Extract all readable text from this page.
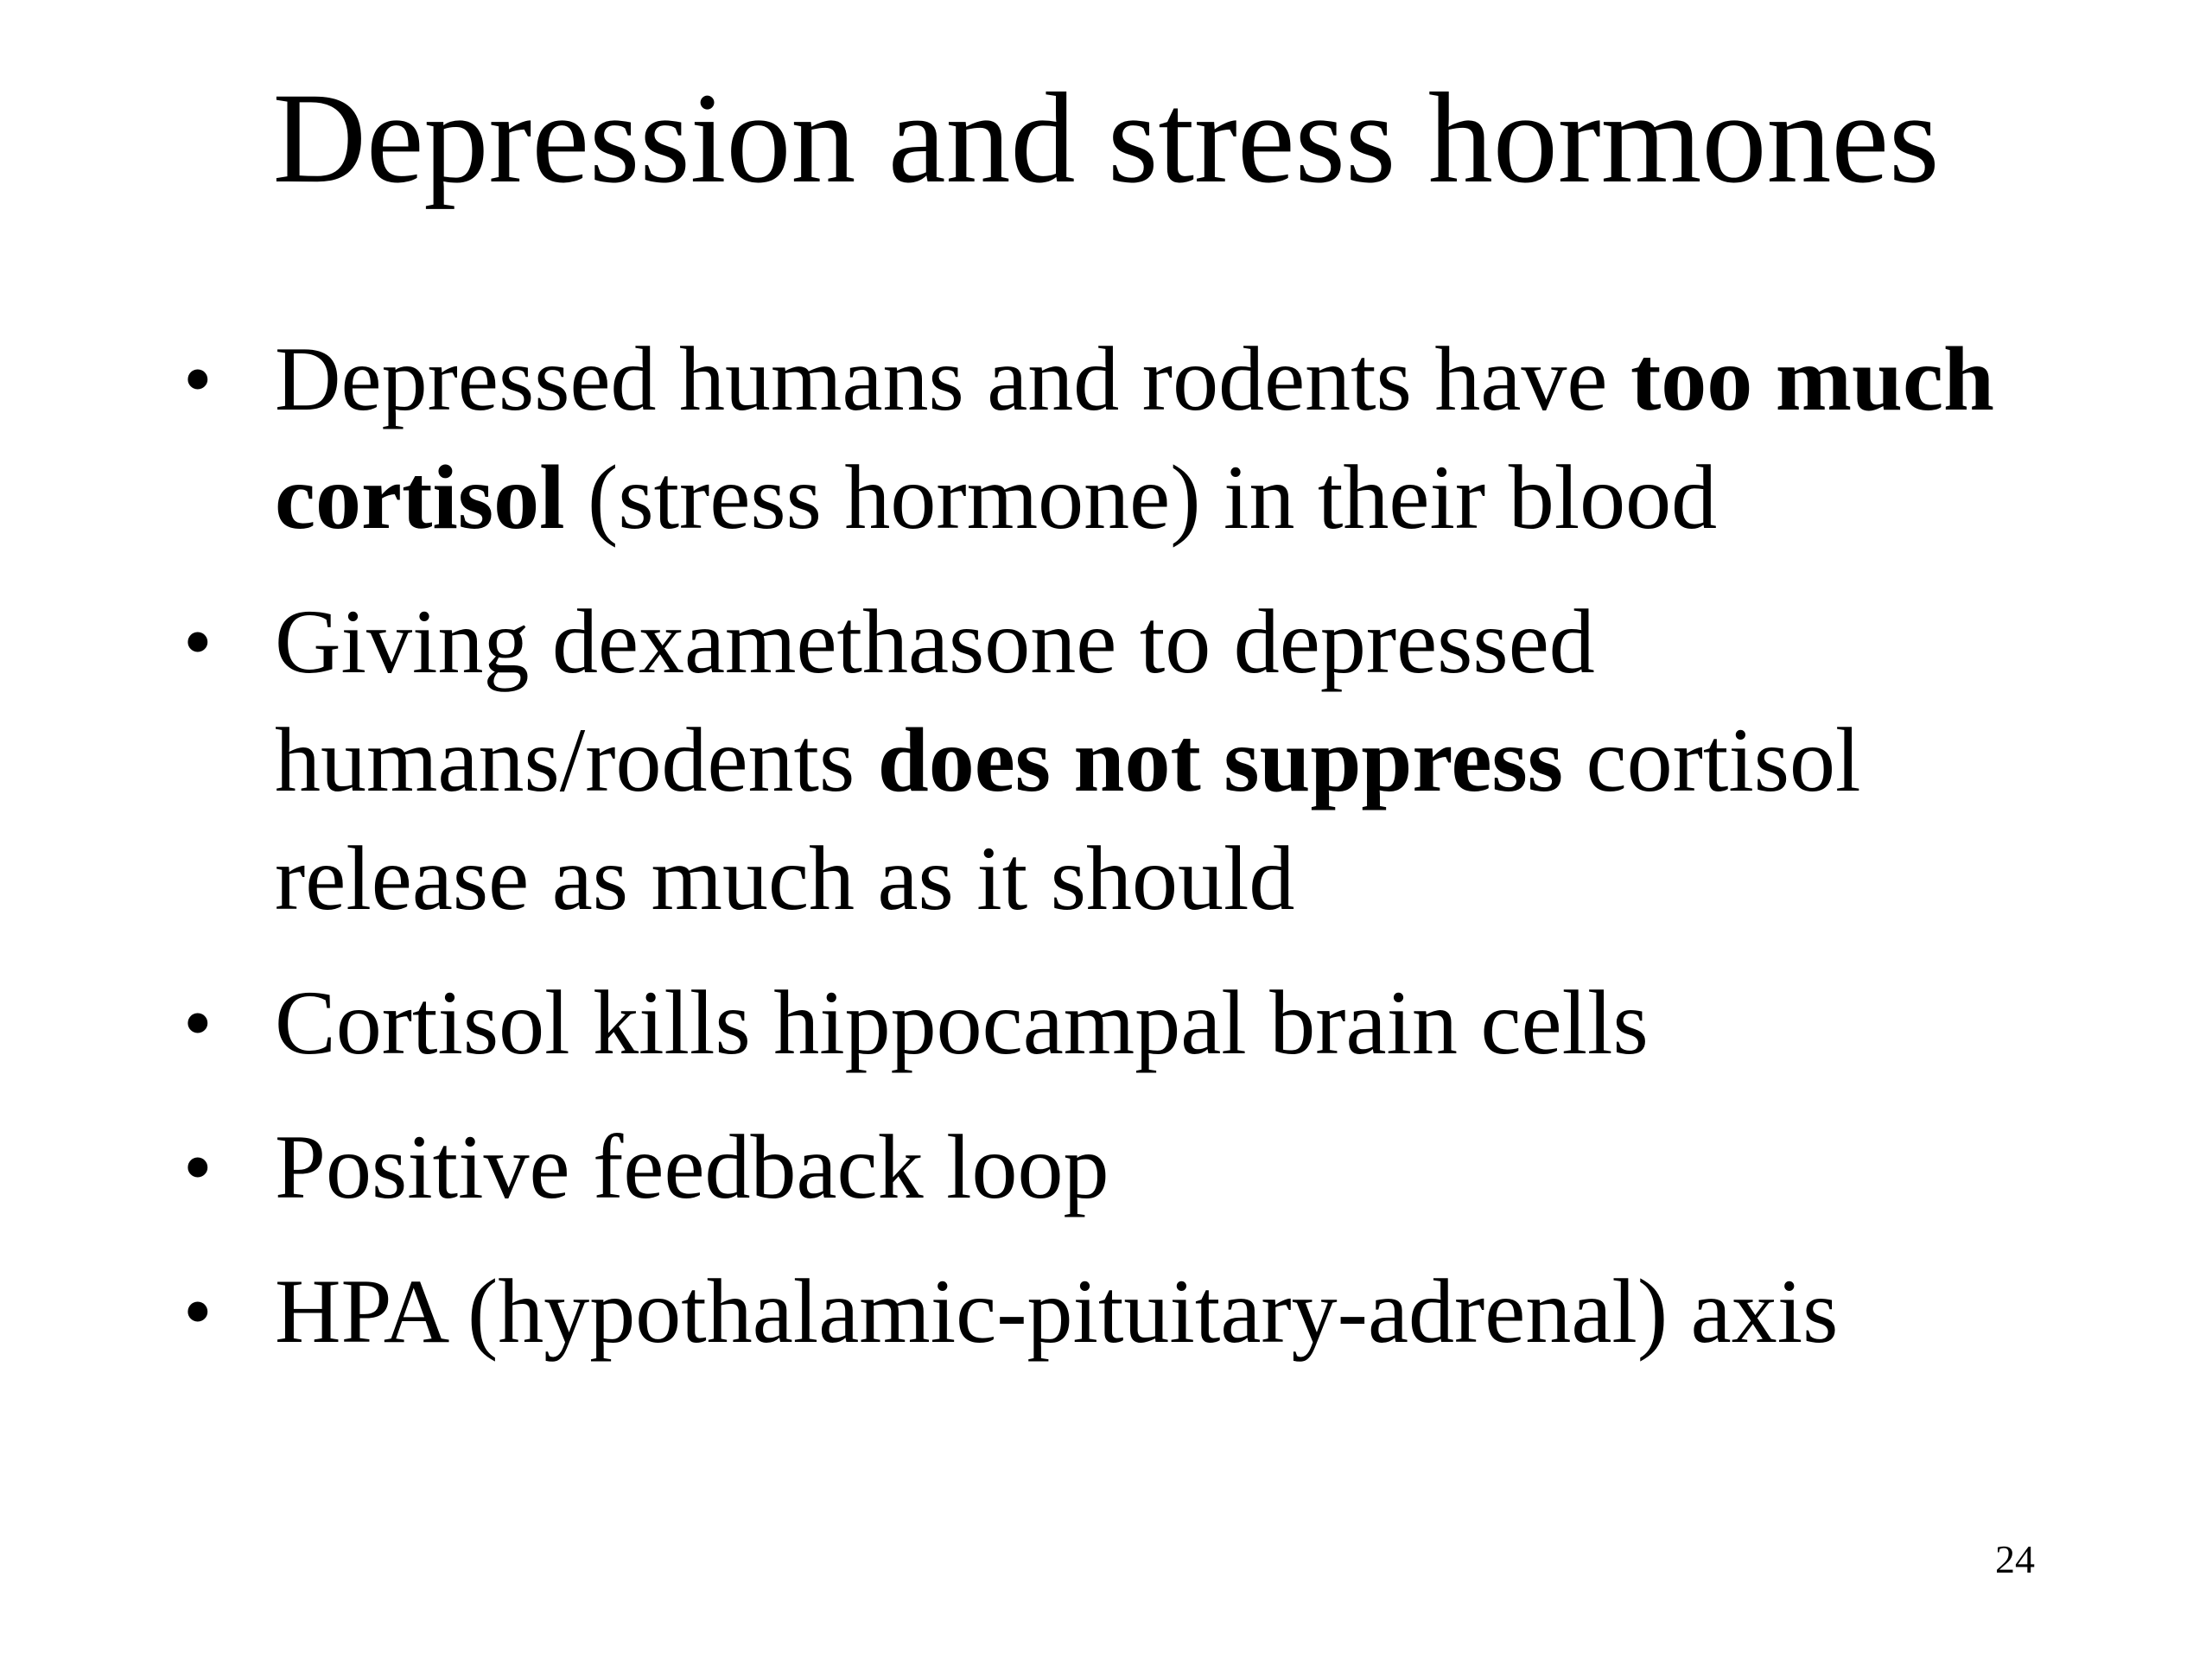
Depression and stress hormones
• Depressed humans and rodents have too much cortisol (stress hormone) in their blood
• Giving dexamethasone to depressed humans/rodents does not suppress cortisol release as much as it should
• Cortisol kills hippocampal brain cells
• Positive feedback loop
• HPA (hypothalamic-pituitary-adrenal) axis
24
